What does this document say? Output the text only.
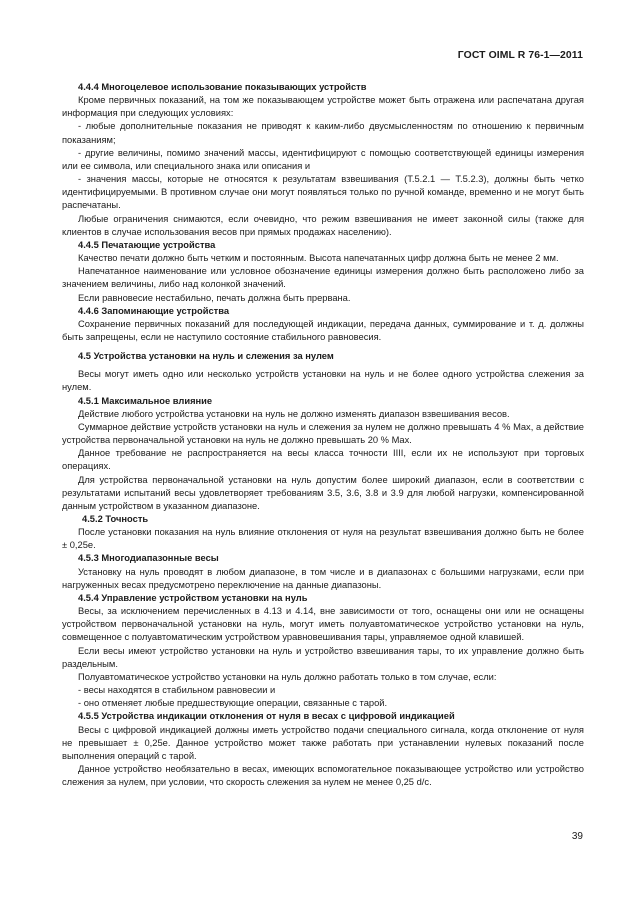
ГОСТ OIML R 76-1—2011

4.4.4 Многоцелевое использование показывающих устройств

Кроме первичных показаний, на том же показывающем устройстве может быть отражена или распечатана другая информация при следующих условиях:

- любые дополнительные показания не приводят к каким-либо двусмысленностям по отношению к первичным показаниям;

- другие величины, помимо значений массы, идентифицируют с помощью соответствующей единицы измерения или ее символа, или специального знака или описания и

- значения массы, которые не относятся к результатам взвешивания (Т.5.2.1 — Т.5.2.3), должны быть четко идентифицируемыми. В противном случае они могут появляться только по ручной команде, временно и не могут быть распечатаны.

Любые ограничения снимаются, если очевидно, что режим взвешивания не имеет законной силы (также для клиентов в случае использования весов при прямых продажах населению).

4.4.5 Печатающие устройства

Качество печати должно быть четким и постоянным. Высота напечатанных цифр должна быть не менее 2 мм.

Напечатанное наименование или условное обозначение единицы измерения должно быть расположено либо за значением величины, либо над колонкой значений.

Если равновесие нестабильно, печать должна быть прервана.

4.4.6 Запоминающие устройства

Сохранение первичных показаний для последующей индикации, передача данных, суммирование и т. д. должны быть запрещены, если не наступило состояние стабильного равновесия.

4.5 Устройства установки на нуль и слежения за нулем

Весы могут иметь одно или несколько устройств установки на нуль и не более одного устройства слежения за нулем.

4.5.1 Максимальное влияние

Действие любого устройства установки на нуль не должно изменять диапазон взвешивания весов.

Суммарное действие устройств установки на нуль и слежения за нулем не должно превышать 4 % Max, а действие устройства первоначальной установки на нуль не должно превышать 20 % Max.

Данное требование не распространяется на весы класса точности IIII, если их не используют при торговых операциях.

Для устройства первоначальной установки на нуль допустим более широкий диапазон, если в соответствии с результатами испытаний весы удовлетворяет требованиям 3.5, 3.6, 3.8 и 3.9 для любой нагрузки, компенсированной данным устройством в указанном диапазоне.

4.5.2 Точность

После установки показания на нуль влияние отклонения от нуля на результат взвешивания должно быть не более ± 0,25e.

4.5.3 Многодиапазонные весы

Установку на нуль проводят в любом диапазоне, в том числе и в диапазонах с большими нагрузками, если при нагруженных весах предусмотрено переключение на данные диапазоны.

4.5.4 Управление устройством установки на нуль

Весы, за исключением перечисленных в 4.13 и 4.14, вне зависимости от того, оснащены они или не оснащены устройством первоначальной установки на нуль, могут иметь полуавтоматическое устройство установки на нуль, совмещенное с полуавтоматическим устройством уравновешивания тары, управляемое одной клавишей.

Если весы имеют устройство установки на нуль и устройство взвешивания тары, то их управление должно быть раздельным.

Полуавтоматическое устройство установки на нуль должно работать только в том случае, если:

- весы находятся в стабильном равновесии и

- оно отменяет любые предшествующие операции, связанные с тарой.

4.5.5 Устройства индикации отклонения от нуля в весах с цифровой индикацией

Весы с цифровой индикацией должны иметь устройство подачи специального сигнала, когда отклонение от нуля не превышает ± 0,25e. Данное устройство может также работать при устанавлении нулевых показаний после выполнения операций с тарой.

Данное устройство необязательно в весах, имеющих вспомогательное показывающее устройство или устройство слежения за нулем, при условии, что скорость слежения за нулем не менее 0,25 d/c.

39
